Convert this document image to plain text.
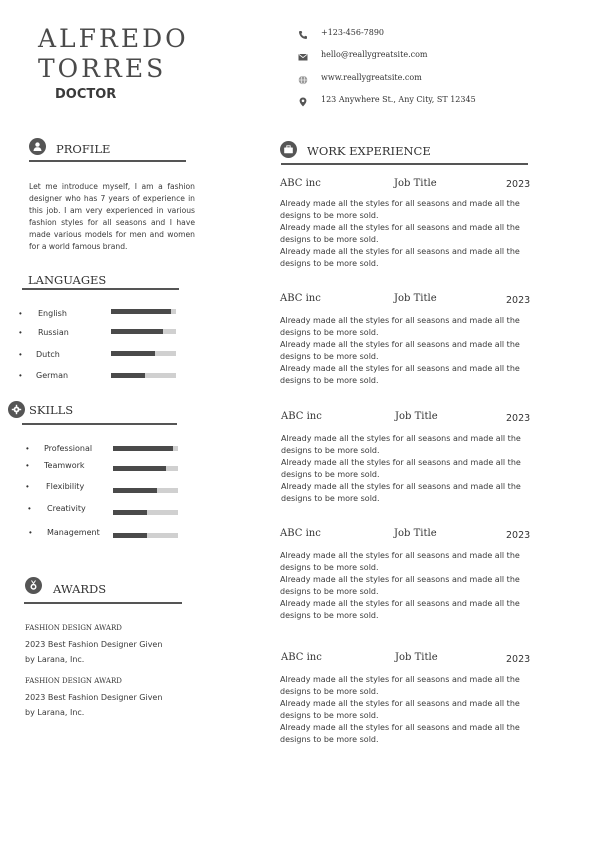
ALFREDO
TORRES
DOCTOR
+123-456-7890
hello@reallygreatsite.com
www.reallygreatsite.com
123 Anywhere St., Any City, ST 12345
PROFILE
Let me introduce myself, I am a fashion designer who has 7 years of experience in this job. I am very experienced in various fashion styles for all seasons and I have made various models for men and women for a world famous brand.
LANGUAGES
• English
• Russian
• Dutch
• German
SKILLS
• Professional
• Teamwork
• Flexibility
• Creativity
• Management
AWARDS
FASHION DESIGN AWARD
2023 Best Fashion Designer Given
by Larana, Inc.
FASHION DESIGN AWARD
2023 Best Fashion Designer Given
by Larana, Inc.
WORK EXPERIENCE
ABC inc	Job Title	2023
Already made all the styles for all seasons and made all the designs to be more sold.
Already made all the styles for all seasons and made all the designs to be more sold.
Already made all the styles for all seasons and made all the designs to be more sold.
ABC inc	Job Title	2023
Already made all the styles for all seasons and made all the designs to be more sold.
Already made all the styles for all seasons and made all the designs to be more sold.
Already made all the styles for all seasons and made all the designs to be more sold.
ABC inc	Job Title	2023
Already made all the styles for all seasons and made all the designs to be more sold.
Already made all the styles for all seasons and made all the designs to be more sold.
Already made all the styles for all seasons and made all the designs to be more sold.
ABC inc	Job Title	2023
Already made all the styles for all seasons and made all the designs to be more sold.
Already made all the styles for all seasons and made all the designs to be more sold.
Already made all the styles for all seasons and made all the designs to be more sold.
ABC inc	Job Title	2023
Already made all the styles for all seasons and made all the designs to be more sold.
Already made all the styles for all seasons and made all the designs to be more sold.
Already made all the styles for all seasons and made all the designs to be more sold.
